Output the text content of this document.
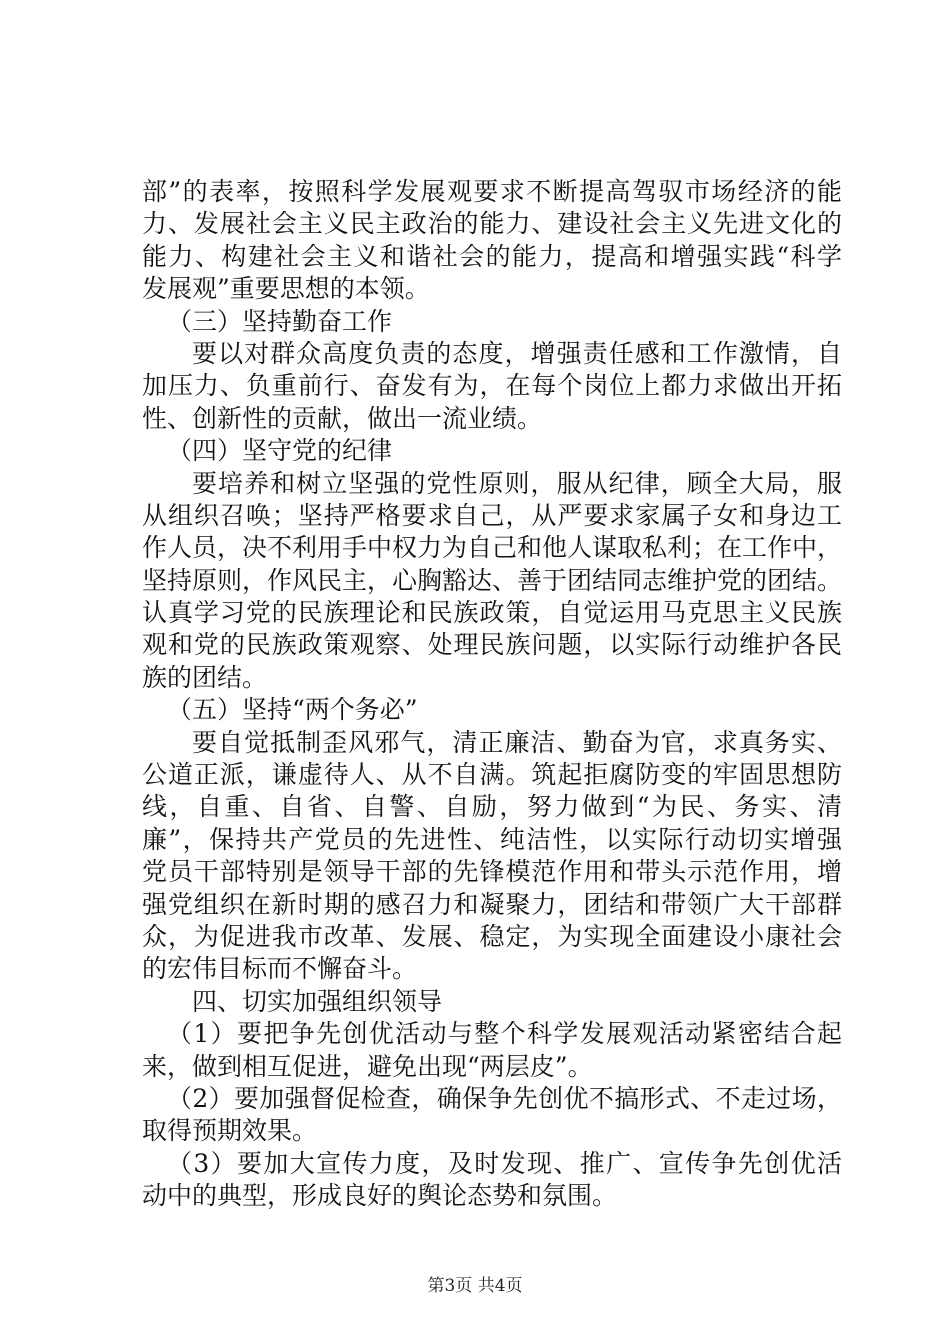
部”的表率，按照科学发展观要求不断提高驾驭市场经济的能
力、发展社会主义民主政治的能力、建设社会主义先进文化的
能力、构建社会主义和谐社会的能力，提高和增强实践“科学
发展观”重要思想的本领。
（三）坚持勤奋工作
要以对群众高度负责的态度，增强责任感和工作激情，自
加压力、负重前行、奋发有为，在每个岗位上都力求做出开拓
性、创新性的贡献，做出一流业绩。
（四）坚守党的纪律
要培养和树立坚强的党性原则，服从纪律，顾全大局，服
从组织召唤；坚持严格要求自己，从严要求家属子女和身边工
作人员，决不利用手中权力为自己和他人谋取私利；在工作中，
坚持原则，作风民主，心胸豁达、善于团结同志维护党的团结。
认真学习党的民族理论和民族政策，自觉运用马克思主义民族
观和党的民族政策观察、处理民族问题，以实际行动维护各民
族的团结。
（五）坚持“两个务必”
要自觉抵制歪风邪气，清正廉洁、勤奋为官，求真务实、
公道正派，谦虚待人、从不自满。筑起拒腐防变的牢固思想防
线，自重、自省、自警、自励，努力做到“为民、务实、清
廉”，保持共产党员的先进性、纯洁性，以实际行动切实增强
党员干部特别是领导干部的先锋模范作用和带头示范作用，增
强党组织在新时期的感召力和凝聚力，团结和带领广大干部群
众，为促进我市改革、发展、稳定，为实现全面建设小康社会
的宏伟目标而不懈奋斗。
四、切实加强组织领导
（1）要把争先创优活动与整个科学发展观活动紧密结合起
来，做到相互促进，避免出现“两层皮”。
（2）要加强督促检查，确保争先创优不搞形式、不走过场，
取得预期效果。
（3）要加大宣传力度，及时发现、推广、宣传争先创优活
动中的典型，形成良好的舆论态势和氛围。
第3页 共4页
